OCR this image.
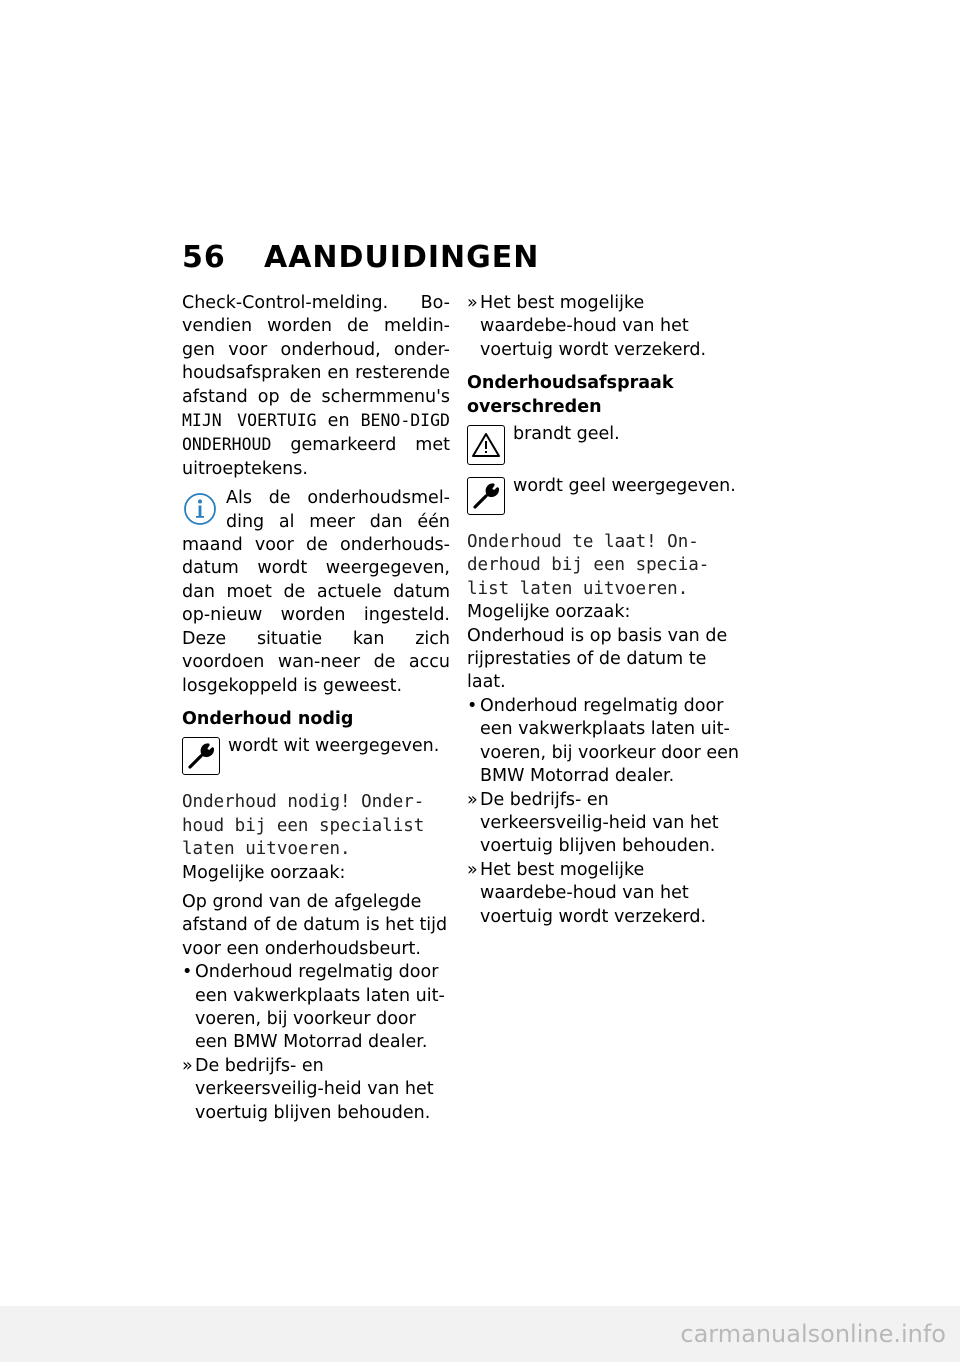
56 AANDUIDINGEN

Check-Control-melding. Bo-vendien worden de meldin-gen voor onderhoud, onder-houdsafspraken en resterende afstand op de schermmenu's MIJN VOERTUIG en BENO-DIGD ONDERHOUD gemarkeerd met uitroeptekens.

Als de onderhoudsmel-ding al meer dan één maand voor de onderhouds-datum wordt weergegeven, dan moet de actuele datum op-nieuw worden ingesteld. Deze situatie kan zich voordoen wan-neer de accu losgekoppeld is geweest.

Onderhoud nodig

wordt wit weergegeven.

Onderhoud nodig! Onder-houd bij een specialist laten uitvoeren.

Mogelijke oorzaak:

Op grond van de afgelegde afstand of de datum is het tijd voor een onderhoudsbeurt.

• Onderhoud regelmatig door een vakwerkplaats laten uit-voeren, bij voorkeur door een BMW Motorrad dealer.
» De bedrijfs- en verkeersveilig-heid van het voertuig blijven behouden.
» Het best mogelijke waardebe-houd van het voertuig wordt verzekerd.

Onderhoudsafspraak overschreden

brandt geel.

wordt geel weergegeven.

Onderhoud te laat! On-derhoud bij een specia-list laten uitvoeren.

Mogelijke oorzaak:

Onderhoud is op basis van de rijprestaties of de datum te laat.

• Onderhoud regelmatig door een vakwerkplaats laten uit-voeren, bij voorkeur door een BMW Motorrad dealer.
» De bedrijfs- en verkeersveilig-heid van het voertuig blijven behouden.
» Het best mogelijke waardebe-houd van het voertuig wordt verzekerd.
carmanualsonline.info
